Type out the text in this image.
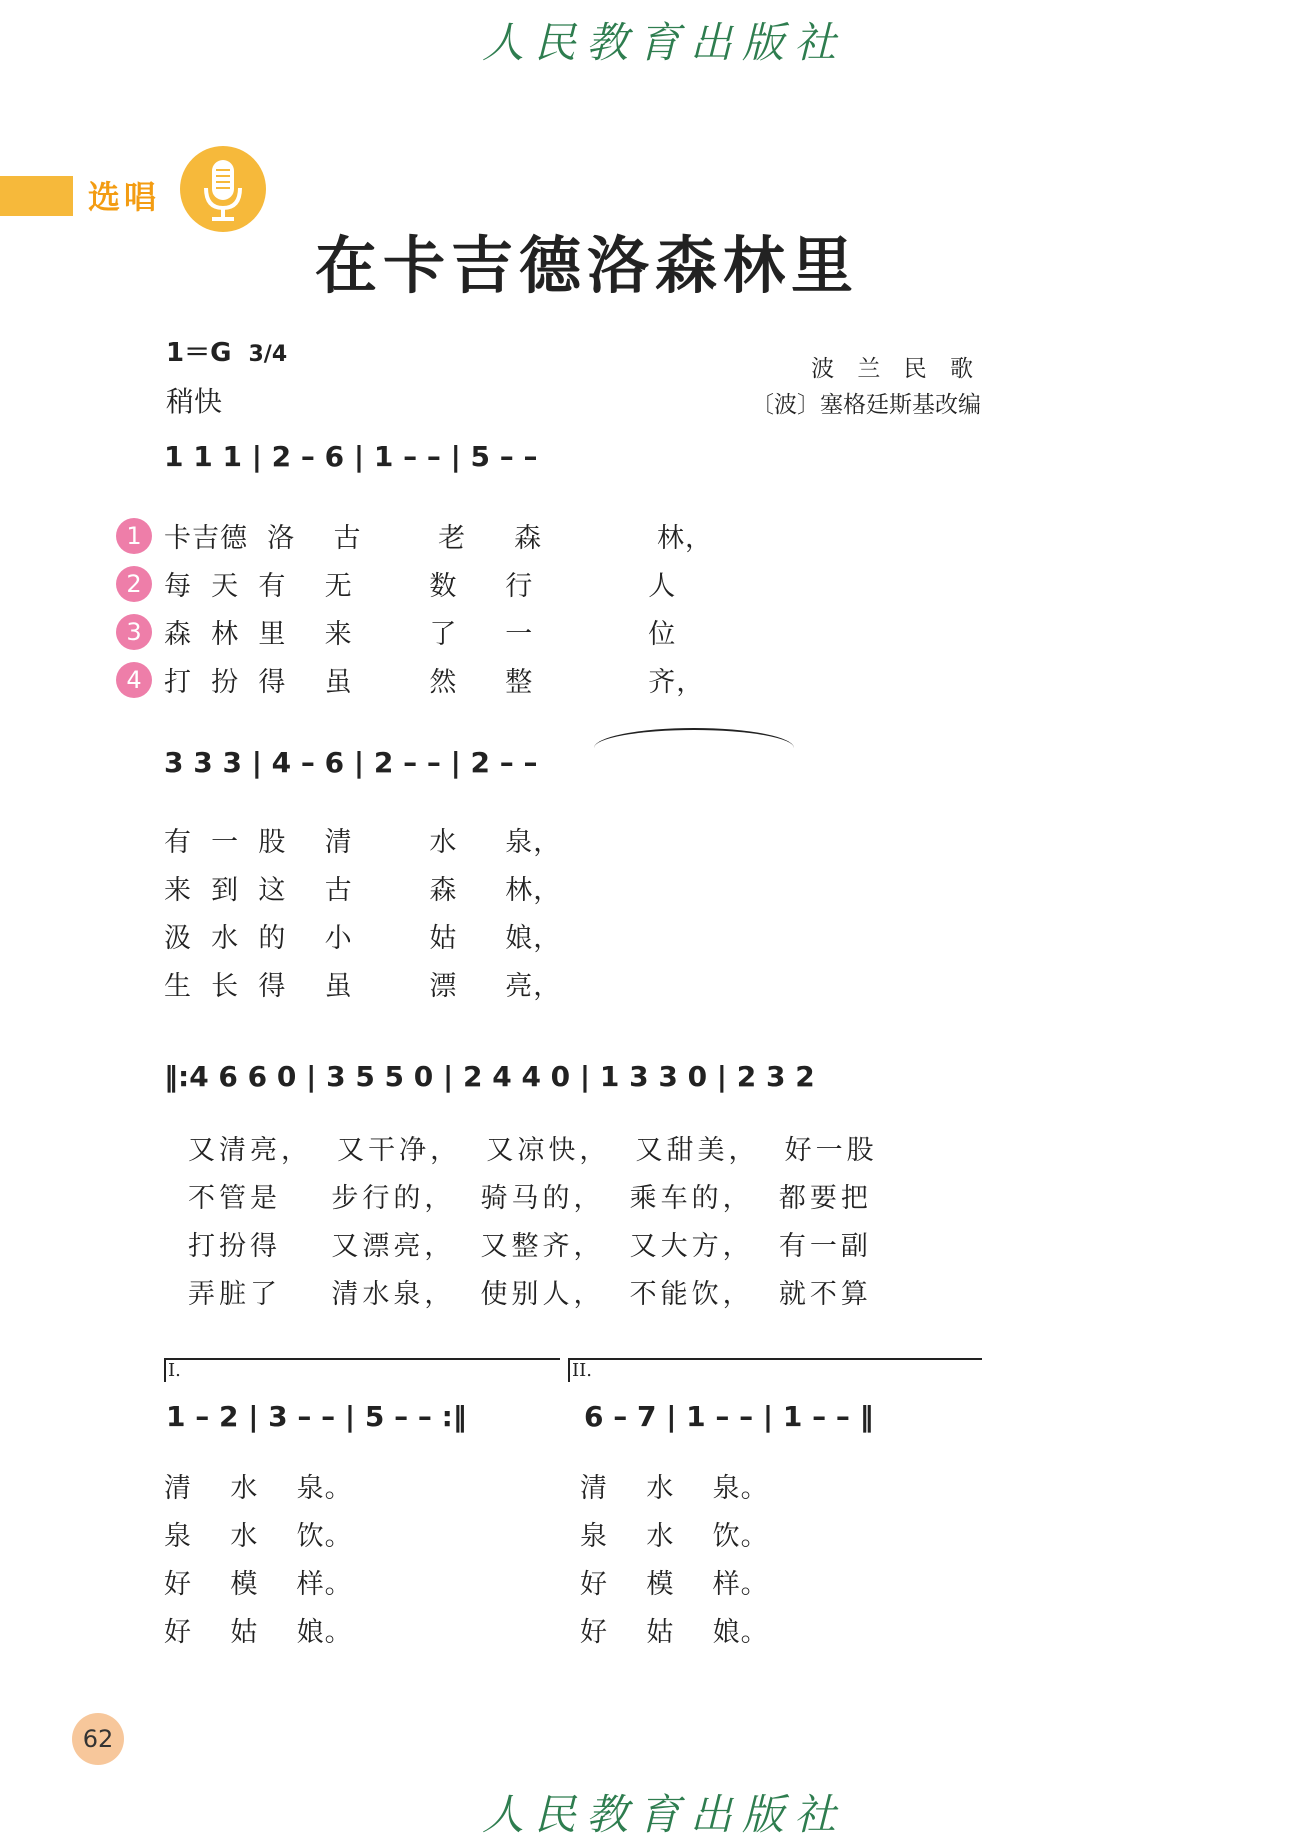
人民教育出版社
选唱
在卡吉德洛森林里
1＝G 3/4
稍快
波 兰 民 歌
〔波〕塞格廷斯基改编
1 1 1 | 2 – 6 | 1 – – | 5 – –
1 卡吉德  洛    古        老     森            林，
2 每  天  有    无        数     行            人
3 森  林  里    来        了     一            位
4 打  扮  得    虽        然     整            齐，
3 3 3 | 4 – 6 | 2 – – | 2 – –
有  一  股    清        水     泉，
来  到  这    古        森     林，
汲  水  的    小        姑     娘，
生  长  得    虽        漂     亮，
‖:4 6 6 0 | 3 5 5 0 | 2 4 4 0 | 1 3 3 0 | 2 3 2
又清亮，  又干净，  又凉快，  又甜美，  好一股
不管是    步行的，  骑马的，  乘车的，  都要把
打扮得    又漂亮，  又整齐，  又大方，  有一副
弄脏了    清水泉，  使别人，  不能饮，  就不算
I.	II.
1 – 2 | 3 – – | 5 – – :‖	6 – 7 | 1 – – | 1 – – ‖
清    水    泉。
泉    水    饮。
好    模    样。
好    姑    娘。
清    水    泉。
泉    水    饮。
好    模    样。
好    姑    娘。
62
人民教育出版社
